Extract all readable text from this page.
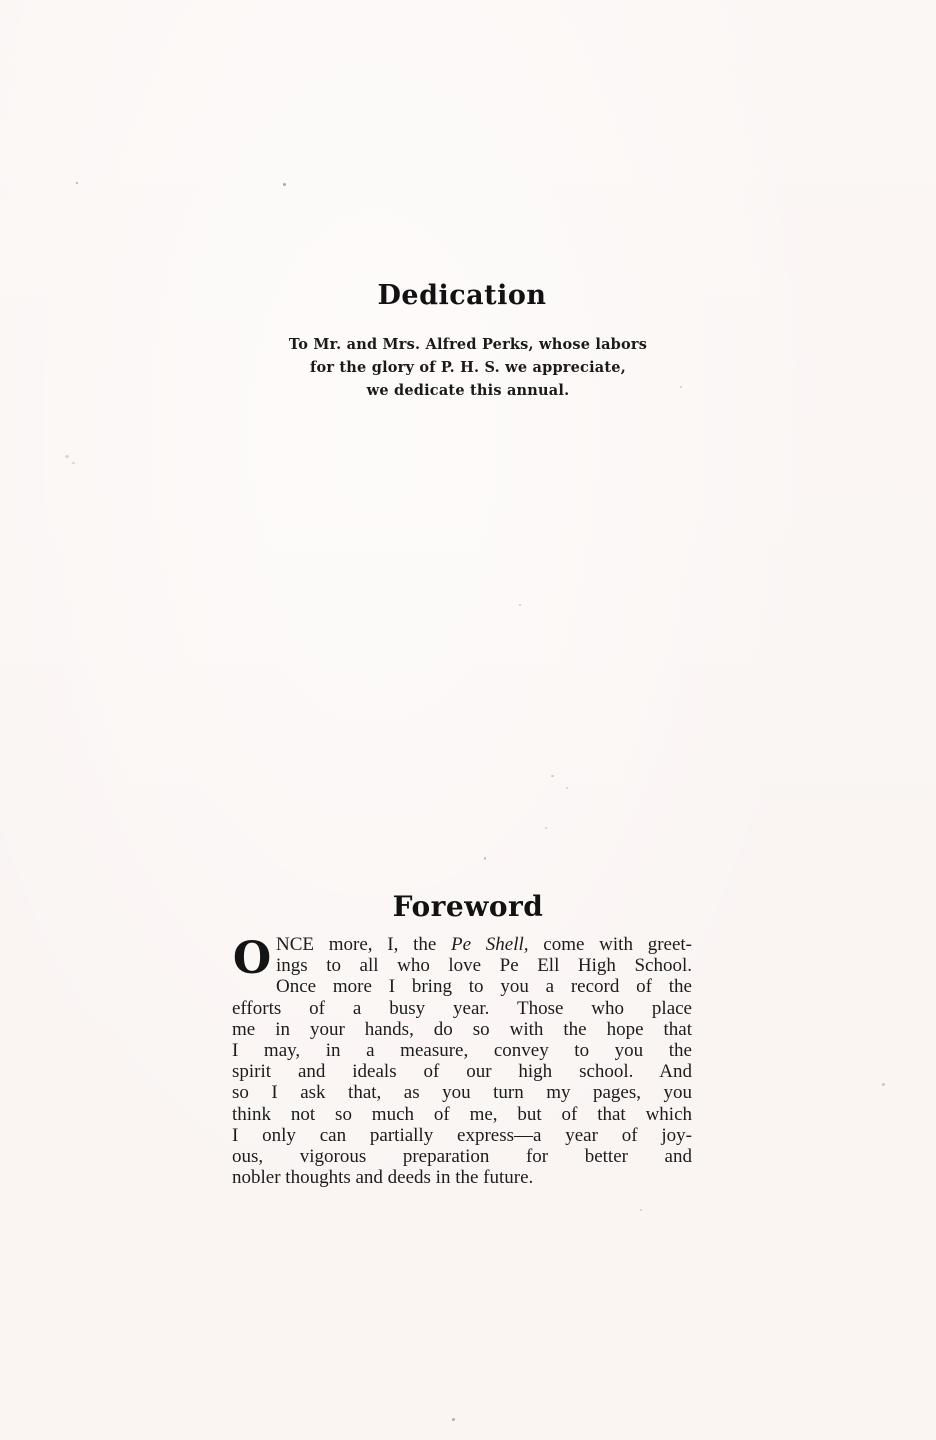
Dedication
To Mr. and Mrs. Alfred Perks, whose labors
for the glory of P. H. S. we appreciate,
we dedicate this annual.
Foreword
O NCE more, I, the Pe Shell, come with greet-
ings to all who love Pe Ell High School.
Once more I bring to you a record of the
efforts of a busy year. Those who place
me in your hands, do so with the hope that
I may, in a measure, convey to you the
spirit and ideals of our high school. And
so I ask that, as you turn my pages, you
think not so much of me, but of that which
I only can partially express—a year of joy-
ous, vigorous preparation for better and
nobler thoughts and deeds in the future.
